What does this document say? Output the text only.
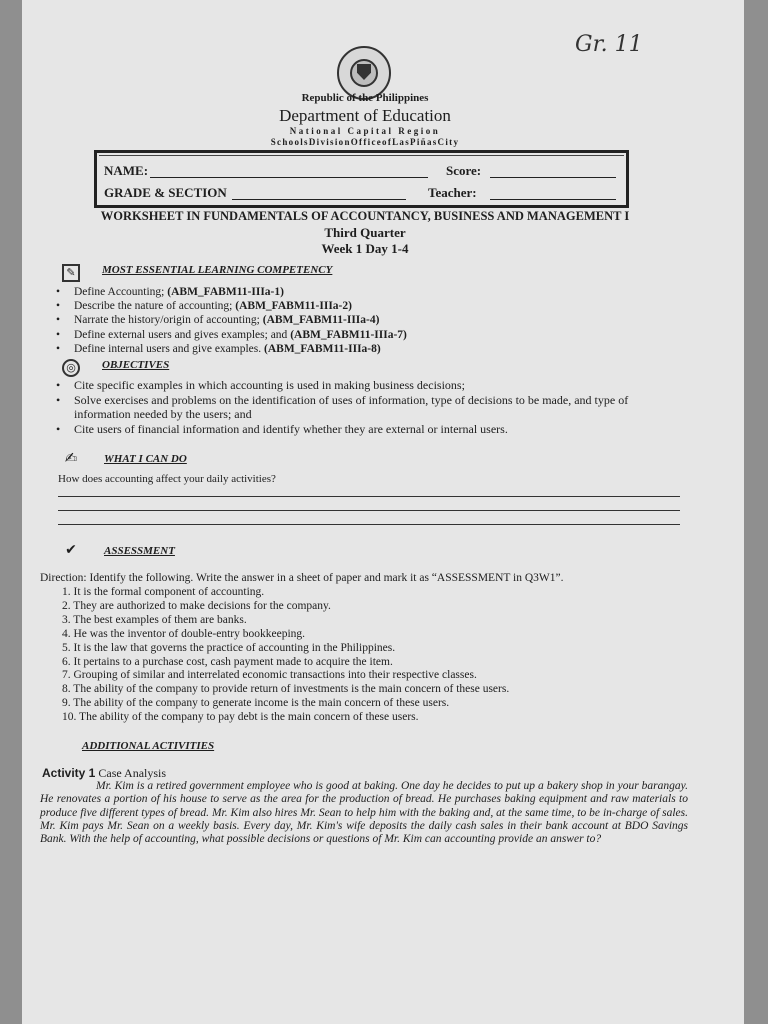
Gr. 11
Republic of the Philippines
Department of Education
National Capital Region
SchoolsDivisionOfficeofLasPiñasCity
NAME:	Score:
GRADE & SECTION	Teacher:
WORKSHEET IN FUNDAMENTALS OF ACCOUNTANCY, BUSINESS AND MANAGEMENT I
Third Quarter
Week 1 Day 1-4
✎	MOST ESSENTIAL LEARNING COMPETENCY
• Define Accounting; (ABM_FABM11-IIIa-1)
• Describe the nature of accounting; (ABM_FABM11-IIIa-2)
• Narrate the history/origin of accounting; (ABM_FABM11-IIIa-4)
• Define external users and gives examples; and (ABM_FABM11-IIIa-7)
• Define internal users and give examples. (ABM_FABM11-IIIa-8)
◎	OBJECTIVES
• Cite specific examples in which accounting is used in making business decisions;
• Solve exercises and problems on the identification of uses of information, type of decisions to be made, and type of information needed by the users; and
• Cite users of financial information and identify whether they are external or internal users.
✍ WHAT I CAN DO
How does accounting affect your daily activities?
✔ ASSESSMENT
Direction: Identify the following. Write the answer in a sheet of paper and mark it as “ASSESSMENT in Q3W1”.
1. It is the formal component of accounting.
2. They are authorized to make decisions for the company.
3. The best examples of them are banks.
4. He was the inventor of double-entry bookkeeping.
5. It is the law that governs the practice of accounting in the Philippines.
6. It pertains to a purchase cost, cash payment made to acquire the item.
7. Grouping of similar and interrelated economic transactions into their respective classes.
8. The ability of the company to provide return of investments is the main concern of these users.
9. The ability of the company to generate income is the main concern of these users.
10. The ability of the company to pay debt is the main concern of these users.
ADDITIONAL ACTIVITIES
Activity 1 Case Analysis
Mr. Kim is a retired government employee who is good at baking. One day he decides to put up a bakery shop in your barangay. He renovates a portion of his house to serve as the area for the production of bread. He purchases baking equipment and raw materials to produce five different types of bread. Mr. Kim also hires Mr. Sean to help him with the baking and, at the same time, to be in-charge of sales. Mr. Kim pays Mr. Sean on a weekly basis. Every day, Mr. Kim's wife deposits the daily cash sales in their bank account at BDO Savings Bank. With the help of accounting, what possible decisions or questions of Mr. Kim can accounting provide an answer to?
